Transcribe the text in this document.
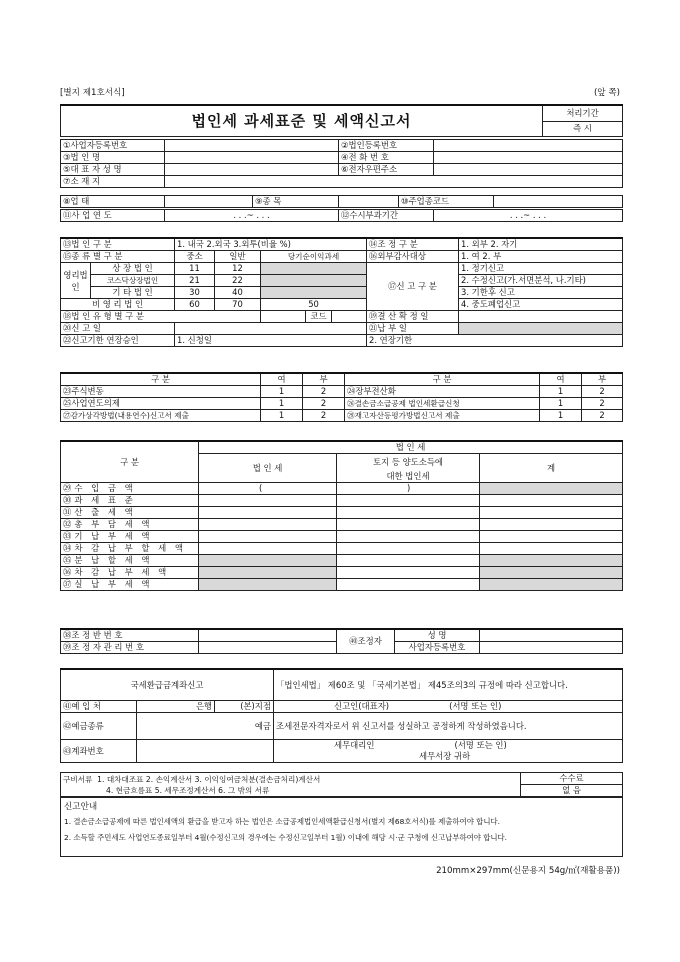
[별지 제1호서식]	(앞 쪽)
법인세 과세표준 및 세액신고서	처리기간
즉 시
①사업자등록번호		②법인등록번호	
③법 인 명		④전 화 번 호	
⑤대 표 자 성 명		⑥전자우편주소	
⑦소 재 지			
⑧업 태		⑨종 목		⑩주업종코드	
⑪사 업 연 도	. . .~ . . .	⑫수시부과기간	. . .~ . . .
⑬법 인 구 분		1. 내국 2.외국 3.외투(비율 %)					⑭조 정 구 분	1. 외부 2. 자기
⑮종 류 별 구 분		중소	일반	당기순이익과세			⑯외부감사대상	1. 여 2. 부
영리법인	상 장 법 인	11	12				⑰신 고 구 분	1. 정기신고
	코스닥상장법인	21	22					2. 수정신고(가.서면분석, 나.기타)
	기 타 법 인	30	40					3. 기한후 신고
비 영 리 법 인		60	70	50				4. 중도폐업신고
⑱법 인 유 형 별 구 분					코드		⑲결 산 확 정 일	
⑳신 고 일							㉑납 부 일	
㉒신고기한 연장승인		1. 신청일					2. 연장기한	
구 분	여	부	구 분	여	부
㉓주식변동	1	2	㉔장부전산화	1	2
㉕사업연도의제	1	2	㉖결손금소급공제 법인세환급신청	1	2
㉗감가상각방법(내용연수)신고서 제출	1	2	㉘재고자산등평가방법신고서 제출	1	2
구 분	법 인 세		
	법 인 세	토지 등 양도소득에	계
		대한 법인세	
㉙수 입 금 액	(	)	
㉚과 세 표 준			
㉛산 출 세 액			
㉜총 부 담 세 액			
㉝기 납 부 세 액			
㉞차 감 납 부 할 세 액			
㉟분 납 할 세 액			
㊱차 감 납 부 세 액			
㊲실 납 부 세 액			
㊳조 정 반 번 호		㊵조정자	성 명	
㊴조 정 자 관 리 번 호			사업자등록번호	
국세환급금계좌신고			「법인세법」 제60조 및 「국세기본법」 제45조의3의 규정에 따라 신고합니다.
㊶예 입 처	은행	(본)지점	신고인(대표자) (서명 또는 인)
㊷예금종류	예금		조세전문자격자로서 위 신고서를 성실하고 공정하게 작성하였음니다.
㊸계좌번호			세무대리인 (서명 또는 인)
			세무서장 귀하
구비서류 1. 대차대조표 2. 손익계산서 3. 이익잉여금처분(결손금처리)계산서
4. 현금흐름표 5. 세무조정계산서 6. 그 밖의 서류	
수수료
없 음
신고안내
1. 결손금소급공제에 따른 법인세액의 환급을 받고자 하는 법인은 소급공제법인세액환급신청서(별지 제68호서식)를 제출하여야 합니다.
2. 소득할 주민세도 사업연도종료일부터 4월(수정신고의 경우에는 수정신고일부터 1월) 이내에 해당 시·군 구청에 신고납부하여야 합니다.
210mm×297mm(신문용지 54g/㎡(재활용품))
